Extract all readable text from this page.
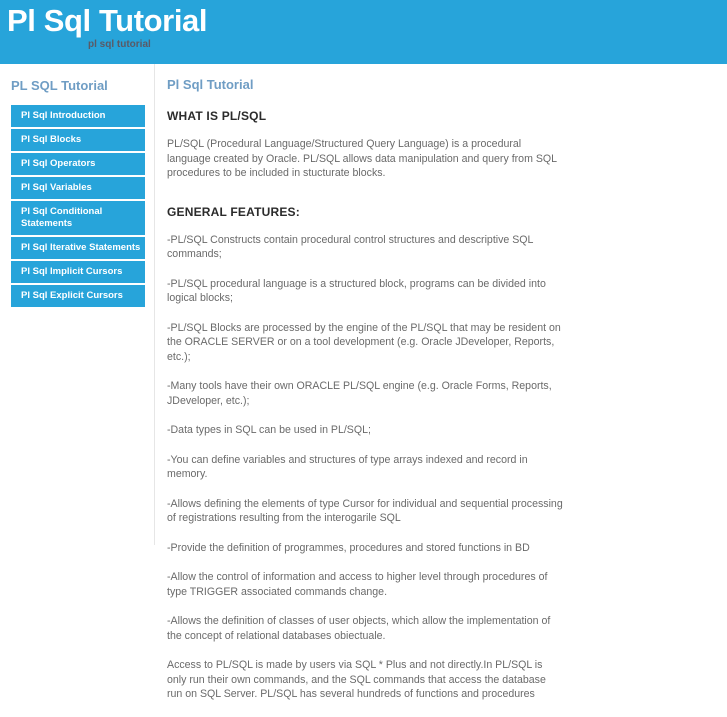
Pl Sql Tutorial
pl sql tutorial
PL SQL Tutorial
Pl Sql Introduction
Pl Sql Blocks
Pl Sql Operators
Pl Sql Variables
Pl Sql Conditional Statements
Pl Sql Iterative Statements
Pl Sql Implicit Cursors
Pl Sql Explicit Cursors
Pl Sql Tutorial
WHAT IS PL/SQL

PL/SQL (Procedural Language/Structured Query Language) is a procedural language created by Oracle. PL/SQL allows data manipulation and query from SQL procedures to be included in stucturate blocks.

GENERAL FEATURES:

-PL/SQL Constructs contain procedural control structures and descriptive SQL commands;

-PL/SQL procedural language is a structured block, programs can be divided into logical blocks;

-PL/SQL Blocks are processed by the engine of the PL/SQL that may be resident on the ORACLE SERVER or on a tool development (e.g. Oracle JDeveloper, Reports, etc.);

-Many tools have their own ORACLE PL/SQL engine (e.g. Oracle Forms, Reports, JDeveloper, etc.);

-Data types in SQL can be used in PL/SQL;

-You can define variables and structures of type arrays indexed and record in memory.

-Allows defining the elements of type Cursor for individual and sequential processing of registrations resulting from the interogarile SQL

-Provide the definition of programmes, procedures and stored functions in BD

-Allow the control of information and access to higher level through procedures of type TRIGGER associated commands change.

-Allows the definition of classes of user objects, which allow the implementation of the concept of relational databases obiectuale.

Access to PL/SQL is made by users via SQL * Plus and not directly.In PL/SQL is only run their own commands, and the SQL commands that access the database run on SQL Server. PL/SQL has several hundreds of functions and procedures
